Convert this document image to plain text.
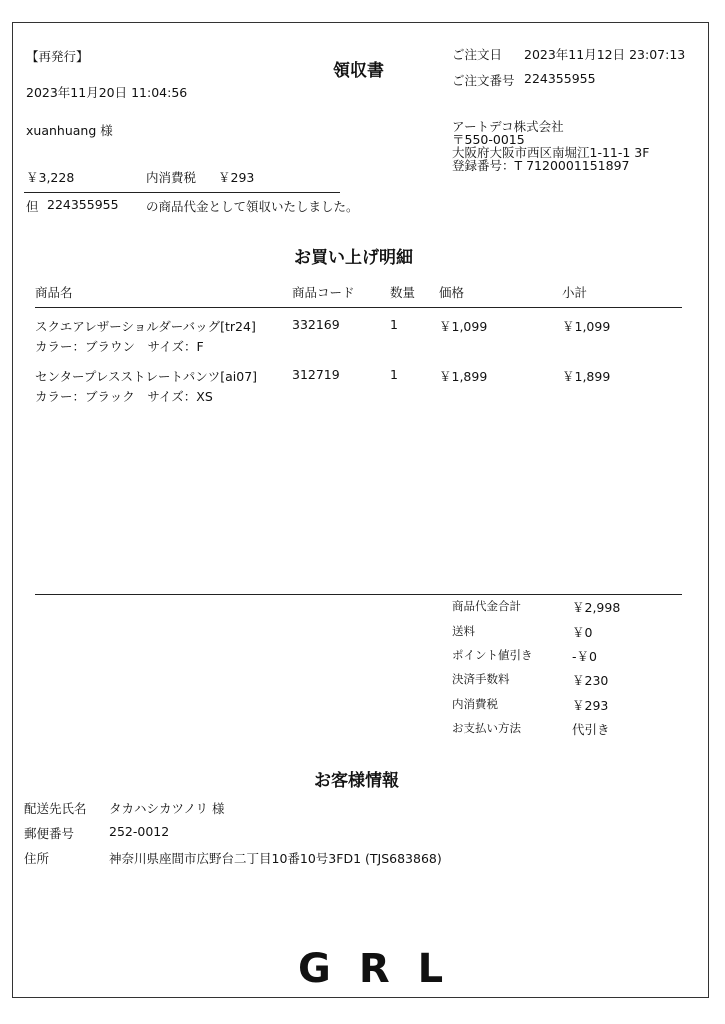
【再発行】
領収書
2023年11月20日 11:04:56
xuanhuang 様
ご注文日 2023年11月12日 23:07:13
ご注文番号 224355955
アートデコ株式会社
〒550-0015
大阪府大阪市西区南堀江1-11-1 3F
登録番号：T 7120001151897
￥3,228	内消費税 ￥293
但 224355955 の商品代金として領収いたしました。
お買い上げ明細
商品名	商品コード	数量 価格	小計
スクエアレザーショルダーバッグ[tr24]
カラー：ブラウン　サイズ：F
332169	1	￥1,099	￥1,099
センタープレスストレートパンツ[ai07]
カラー：ブラック　サイズ：XS
312719	1	￥1,899	￥1,899
商品代金合計	￥2,998
送料	￥0
ポイント値引き	-￥0
決済手数料	￥230
内消費税	￥293
お支払い方法	代引き
お客様情報
配送先氏名 タカハシカツノリ 様
郵便番号	252-0012
住所	神奈川県座間市広野台二丁目10番10号3FD1 (TJS683868)
GRL
